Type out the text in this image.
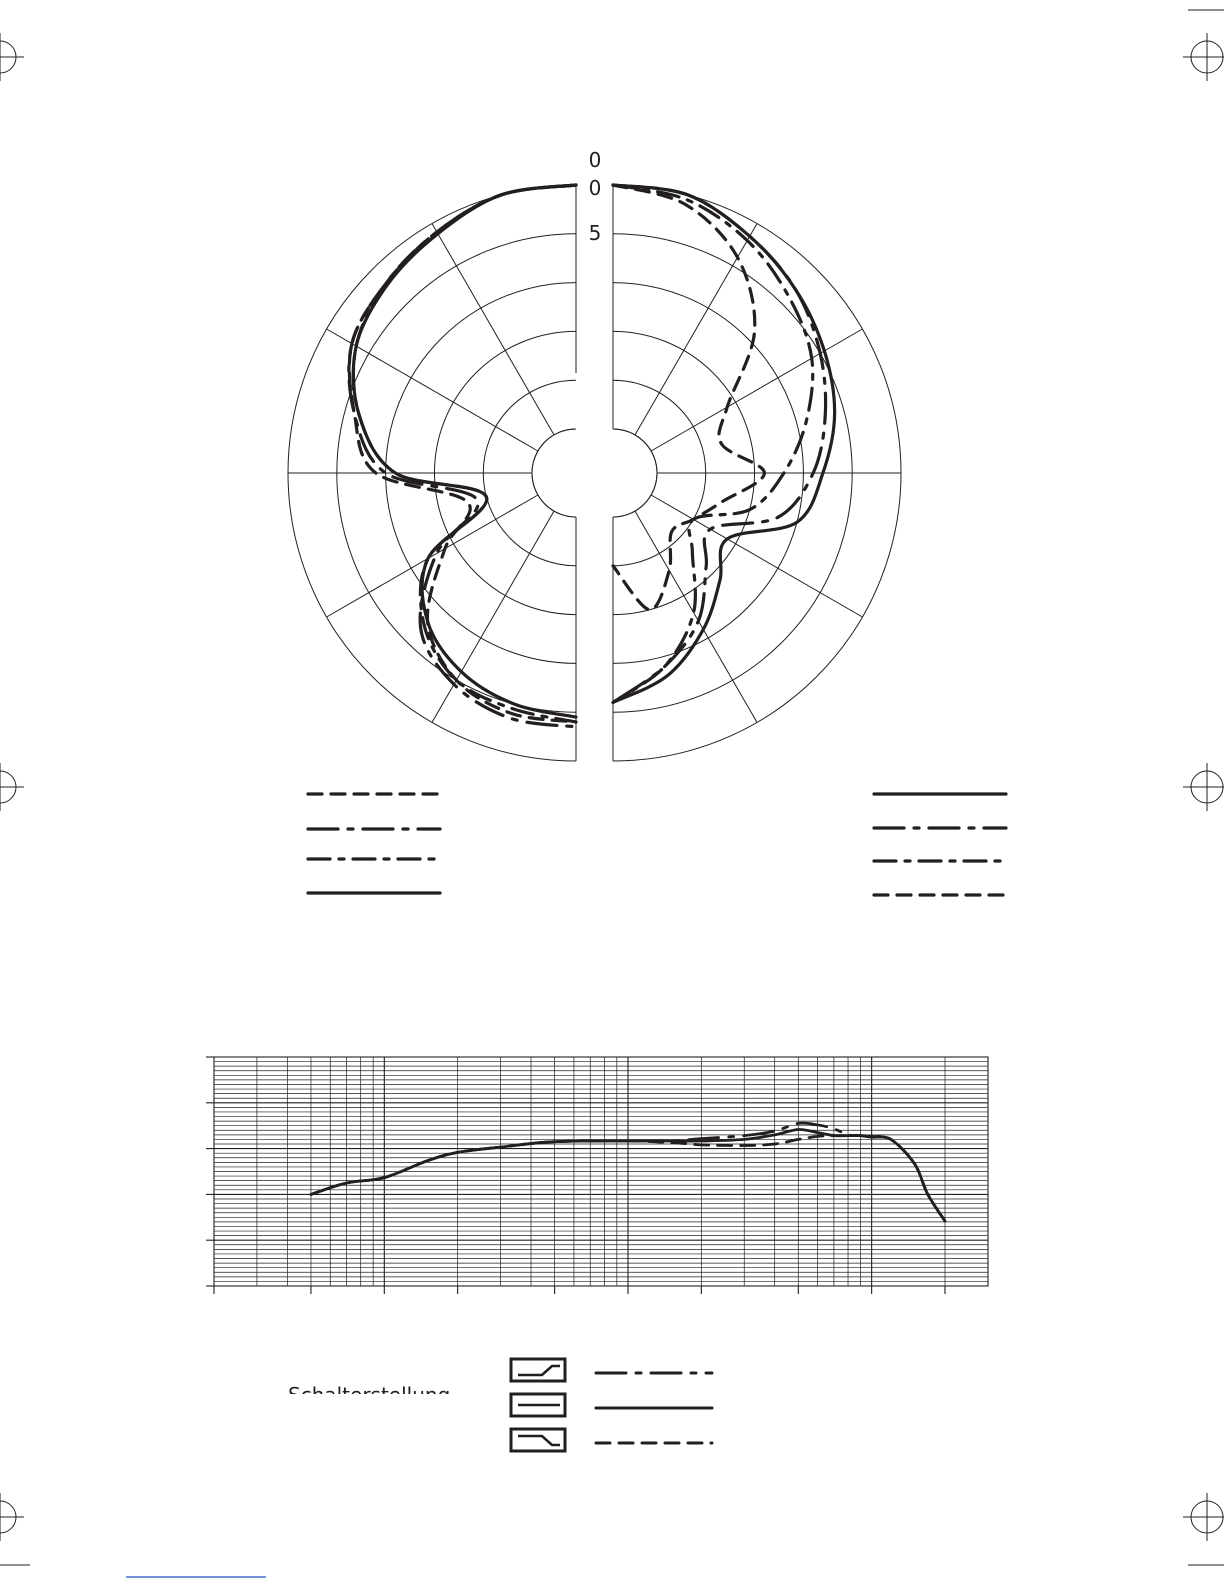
0
0
5
